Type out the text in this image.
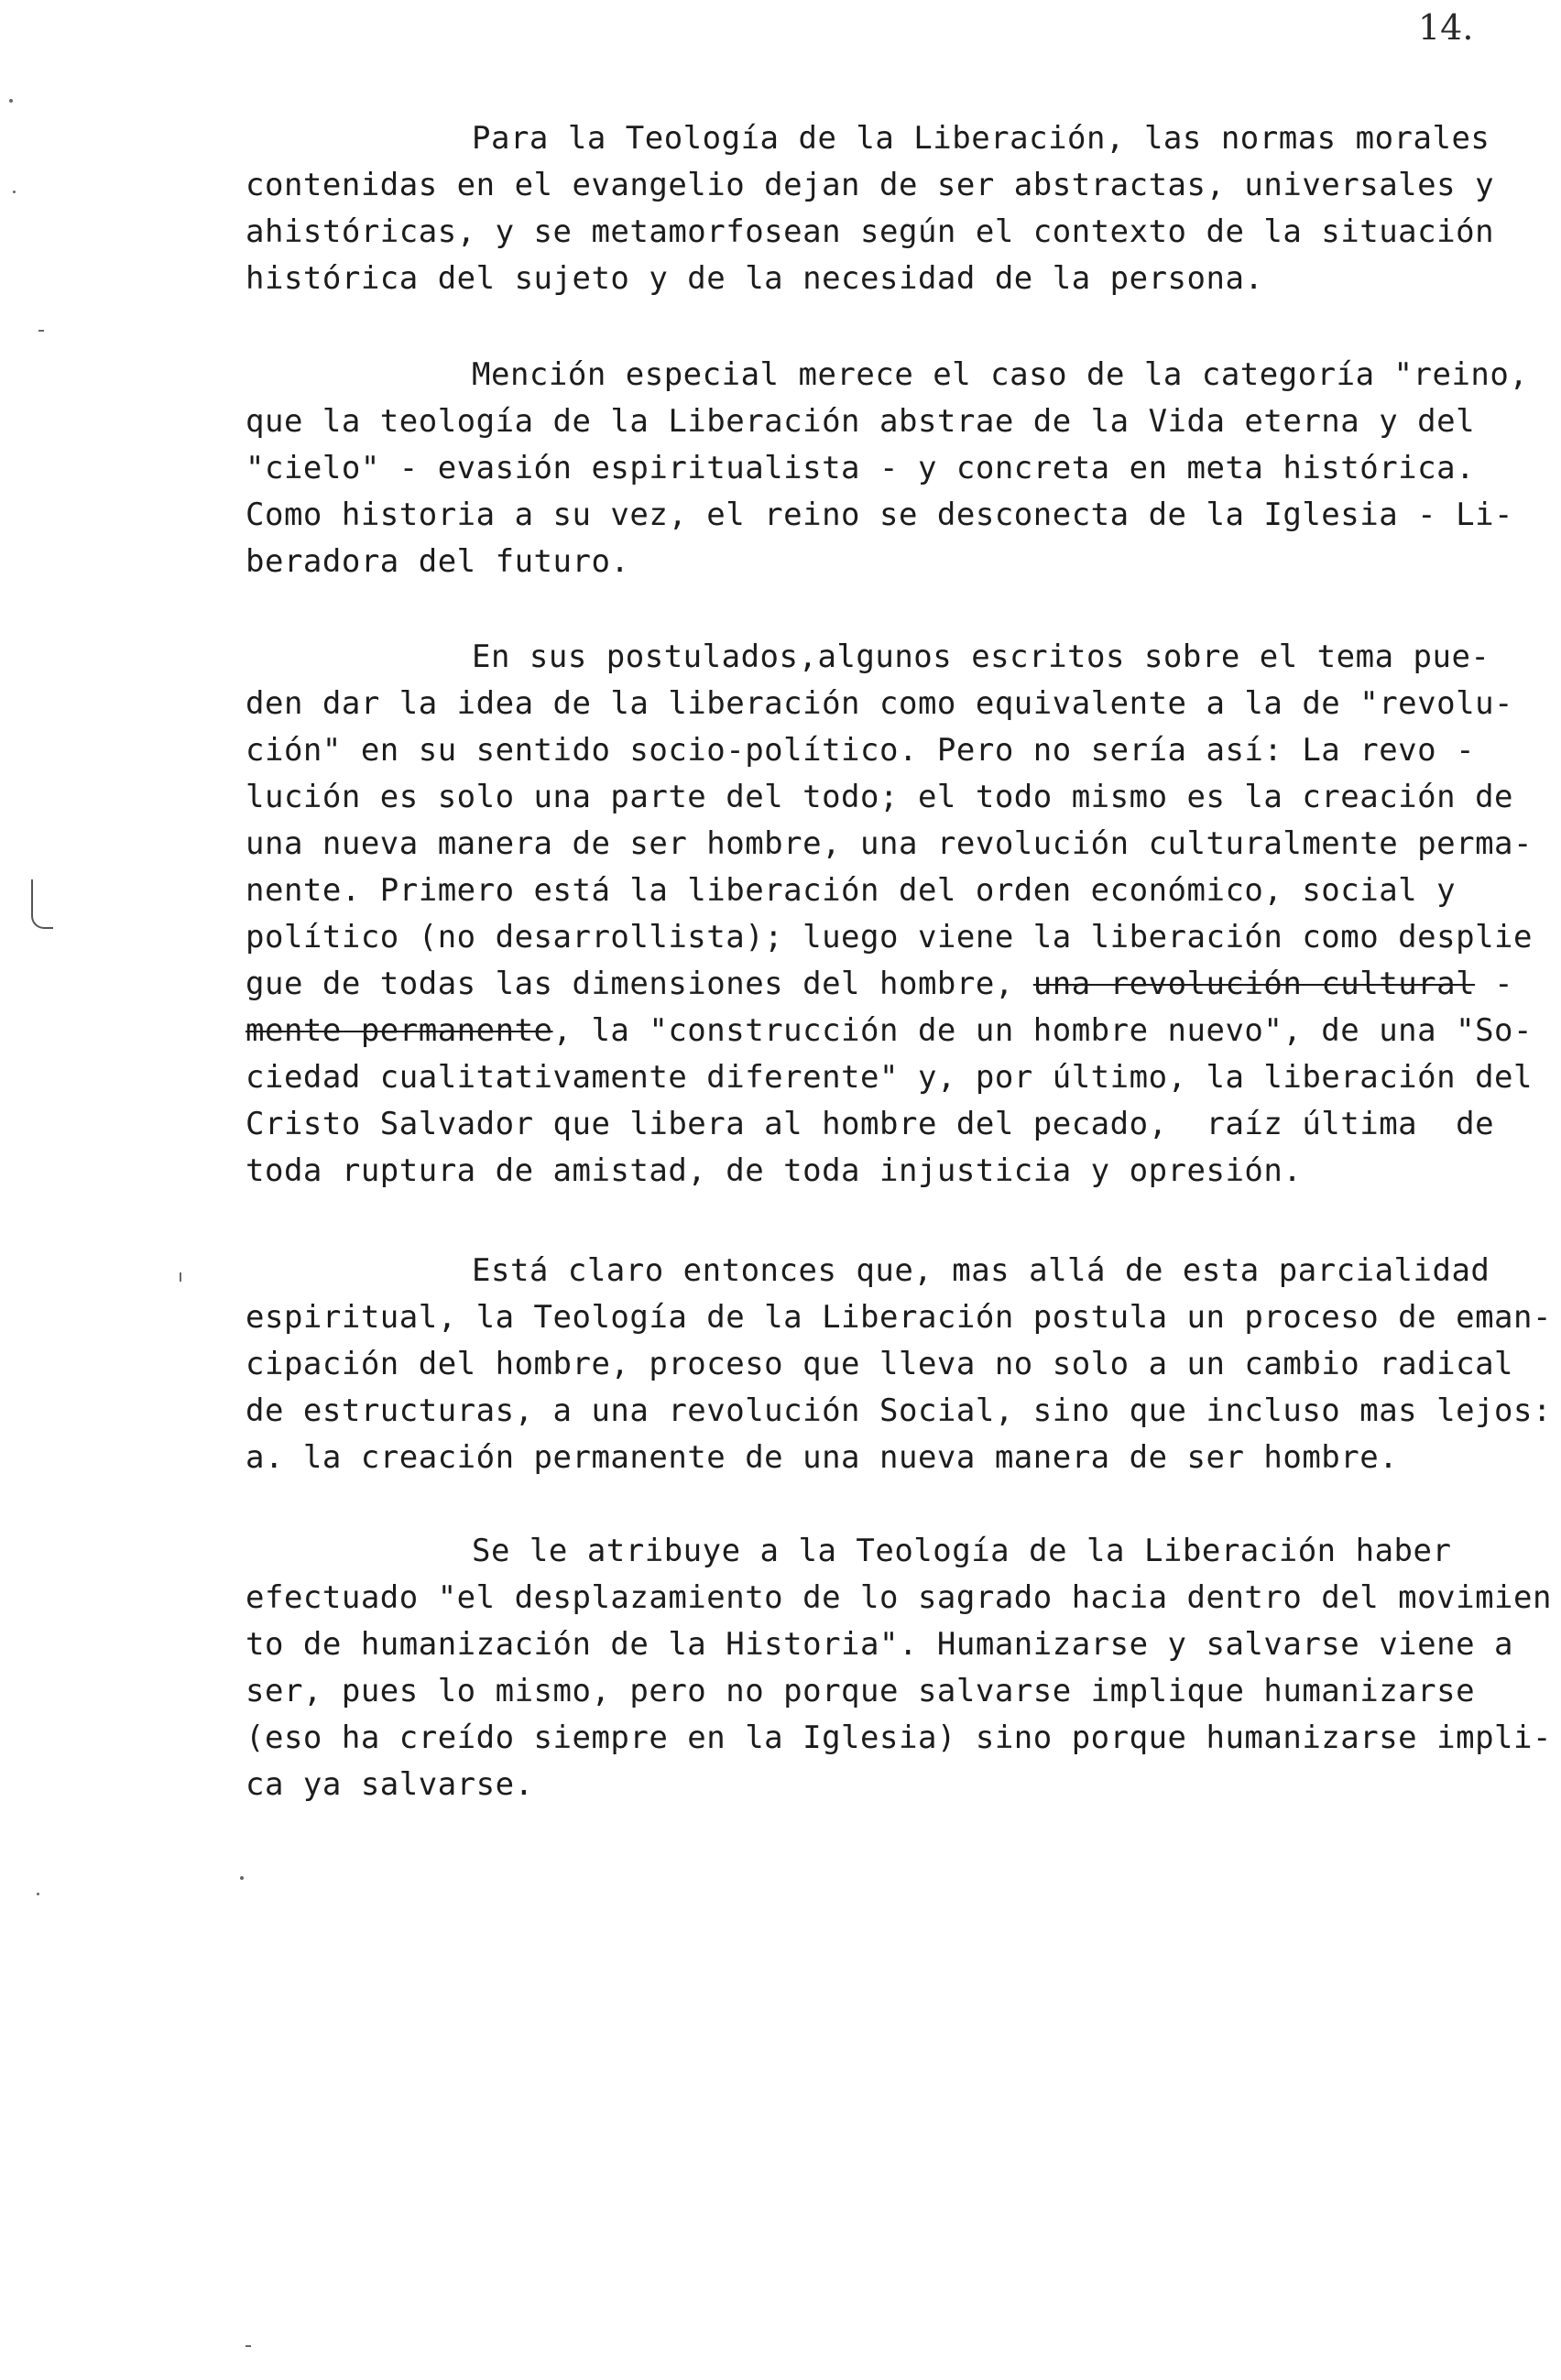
14.
Para la Teología de la Liberación, las normas morales
contenidas en el evangelio dejan de ser abstractas, universales y
ahistóricas, y se metamorfosean según el contexto de la situación
histórica del sujeto y de la necesidad de la persona.
Mención especial merece el caso de la categoría "reino,
que la teología de la Liberación abstrae de la Vida eterna y del
"cielo" - evasión espiritualista - y concreta en meta histórica.
Como historia a su vez, el reino se desconecta de la Iglesia - Li-
beradora del futuro.
En sus postulados,algunos escritos sobre el tema pue-
den dar la idea de la liberación como equivalente a la de "revolu-
ción" en su sentido socio-político. Pero no sería así: La revo -
lución es solo una parte del todo; el todo mismo es la creación de
una nueva manera de ser hombre, una revolución culturalmente perma-
nente. Primero está la liberación del orden económico, social y
político (no desarrollista); luego viene la liberación como desplie
gue de todas las dimensiones del hombre, una revolución cultural -
mente permanente, la "construcción de un hombre nuevo", de una "So-
ciedad cualitativamente diferente" y, por último, la liberación del
Cristo Salvador que libera al hombre del pecado,  raíz última  de
toda ruptura de amistad, de toda injusticia y opresión.
Está claro entonces que, mas allá de esta parcialidad
espiritual, la Teología de la Liberación postula un proceso de eman-
cipación del hombre, proceso que lleva no solo a un cambio radical
de estructuras, a una revolución Social, sino que incluso mas lejos:
a. la creación permanente de una nueva manera de ser hombre.
Se le atribuye a la Teología de la Liberación haber
efectuado "el desplazamiento de lo sagrado hacia dentro del movimien
to de humanización de la Historia". Humanizarse y salvarse viene a
ser, pues lo mismo, pero no porque salvarse implique humanizarse
(eso ha creído siempre en la Iglesia) sino porque humanizarse impli-
ca ya salvarse.
